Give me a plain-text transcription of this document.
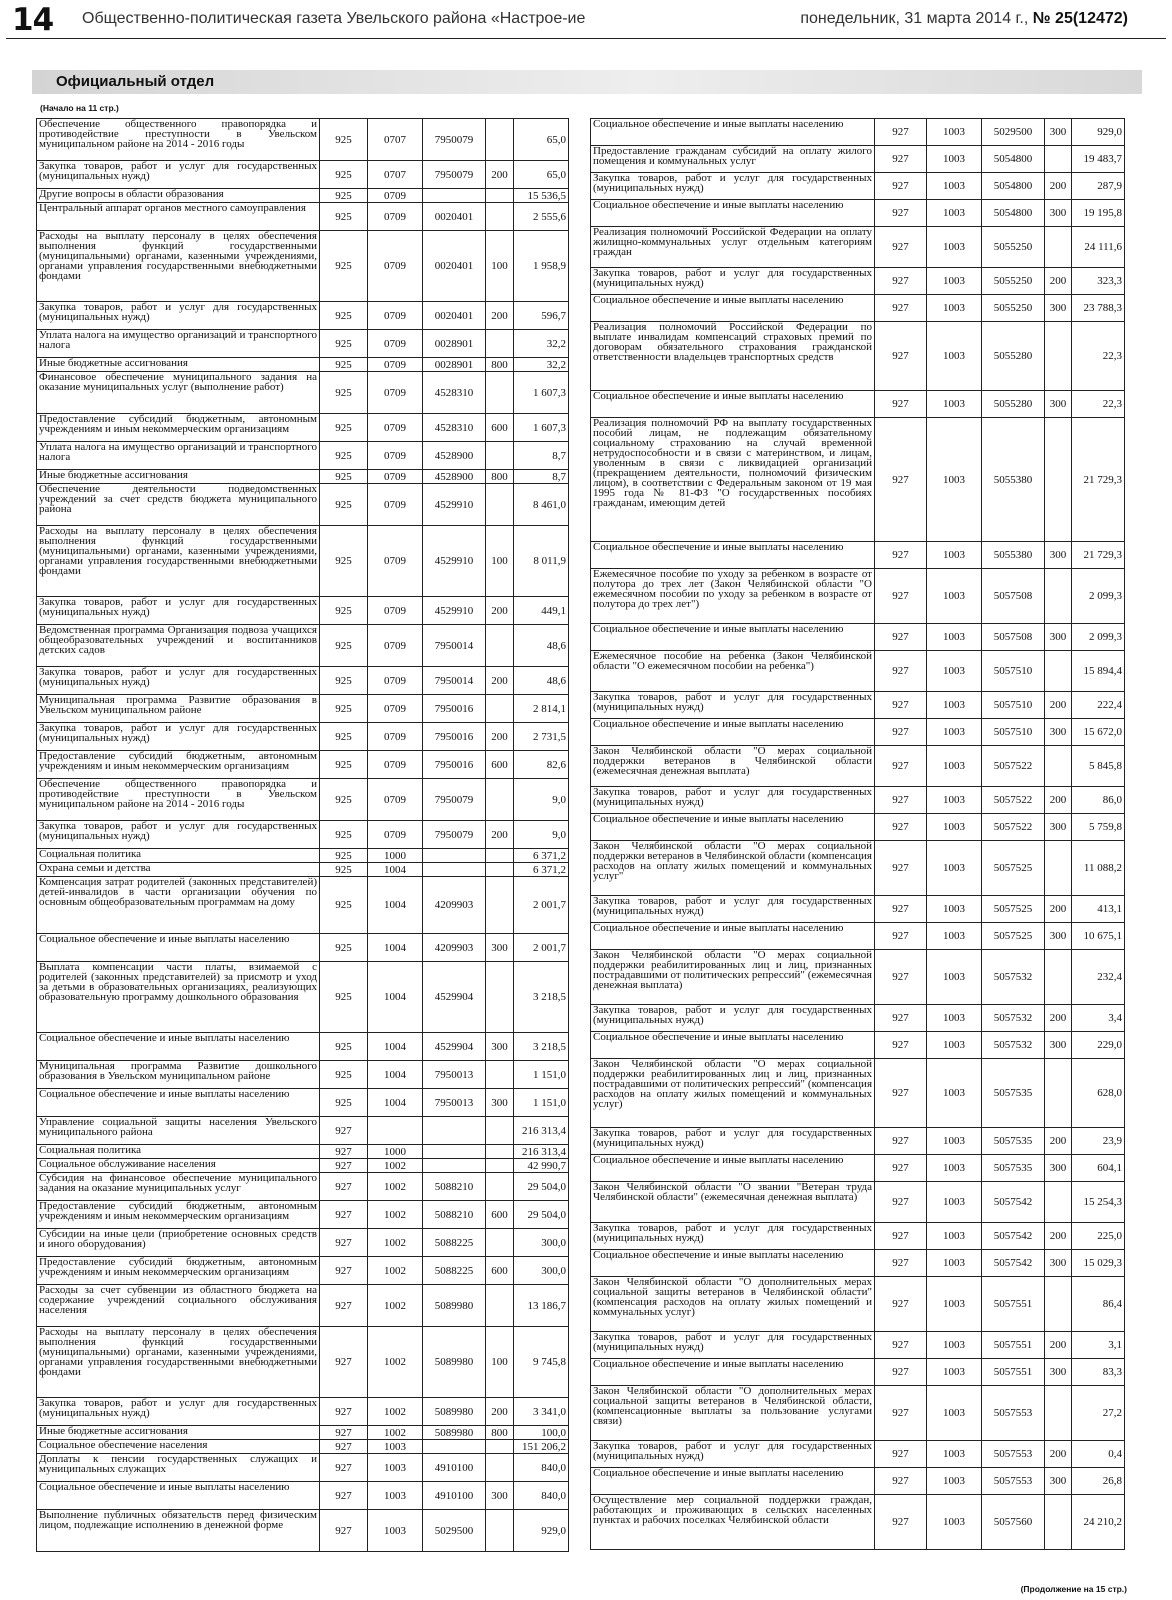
14 Общественно-политическая газета Увельского района «Настрое-ие	понедельник, 31 марта 2014 г., № 25(12472)
Официальный отдел
(Начало на 11 стр.)
Обеспечение общественного правопорядка и противодействие преступности в Увельском муниципальном районе на 2014 - 2016 годы	925	0707	7950079		65,0
Закупка товаров, работ и услуг для государственных (муниципальных нужд)	925	0707	7950079	200	65,0
Другие вопросы в области образования	925	0709			15 536,5
Центральный аппарат органов местного самоуправления	925	0709	0020401		2 555,6
Расходы на выплату персоналу в целях обеспечения выполнения функций государственными (муниципальными) органами, казенными учреждениями, органами управления государственными внебюджетными фондами	925	0709	0020401	100	1 958,9
Закупка товаров, работ и услуг для государственных (муниципальных нужд)	925	0709	0020401	200	596,7
Уплата налога на имущество организаций и транспортного налога	925	0709	0028901		32,2
Иные бюджетные ассигнования	925	0709	0028901	800	32,2
Финансовое обеспечение муниципального задания на оказание муниципальных услуг (выполнение работ)	925	0709	4528310		1 607,3
Предоставление субсидий бюджетным, автономным учреждениям и иным некоммерческим организациям	925	0709	4528310	600	1 607,3
Уплата налога на имущество организаций и транспортного налога	925	0709	4528900		8,7
Иные бюджетные ассигнования	925	0709	4528900	800	8,7
Обеспечение деятельности подведомственных учреждений за счет средств бюджета муниципального района	925	0709	4529910		8 461,0
Расходы на выплату персоналу в целях обеспечения выполнения функций государственными (муниципальными) органами, казенными учреждениями, органами управления государственными внебюджетными фондами	925	0709	4529910	100	8 011,9
Закупка товаров, работ и услуг для государственных (муниципальных нужд)	925	0709	4529910	200	449,1
Ведомственная программа Организация подвоза учащихся общеобразовательных учреждений и воспитанников детских садов	925	0709	7950014		48,6
Закупка товаров, работ и услуг для государственных (муниципальных нужд)	925	0709	7950014	200	48,6
Муниципальная программа Развитие образования в Увельском муниципальном районе	925	0709	7950016		2 814,1
Закупка товаров, работ и услуг для государственных (муниципальных нужд)	925	0709	7950016	200	2 731,5
Предоставление субсидий бюджетным, автономным учреждениям и иным некоммерческим организациям	925	0709	7950016	600	82,6
Обеспечение общественного правопорядка и противодействие преступности в Увельском муниципальном районе на 2014 - 2016 годы	925	0709	7950079		9,0
Закупка товаров, работ и услуг для государственных (муниципальных нужд)	925	0709	7950079	200	9,0
Социальная политика	925	1000			6 371,2
Охрана семьи и детства	925	1004			6 371,2
Компенсация затрат родителей (законных представителей) детей-инвалидов в части организации обучения по основным общеобразовательным программам на дому	925	1004	4209903		2 001,7
Социальное обеспечение и иные выплаты населению	925	1004	4209903	300	2 001,7
Выплата компенсации части платы, взимаемой с родителей (законных представителей) за присмотр и уход за детьми в образовательных организациях, реализующих образовательную программу дошкольного образования	925	1004	4529904		3 218,5
Социальное обеспечение и иные выплаты населению	925	1004	4529904	300	3 218,5
Муниципальная программа Развитие дошкольного образования в Увельском муниципальном районе	925	1004	7950013		1 151,0
Социальное обеспечение и иные выплаты населению	925	1004	7950013	300	1 151,0
Управление социальной защиты населения Увельского муниципального района	927				216 313,4
Социальная политика	927	1000			216 313,4
Социальное обслуживание населения	927	1002			42 990,7
Субсидия на финансовое обеспечение муниципального задания на оказание муниципальных услуг	927	1002	5088210		29 504,0
Предоставление субсидий бюджетным, автономным учреждениям и иным некоммерческим организациям	927	1002	5088210	600	29 504,0
Субсидии на иные цели (приобретение основных средств и иного оборудования)	927	1002	5088225		300,0
Предоставление субсидий бюджетным, автономным учреждениям и иным некоммерческим организациям	927	1002	5088225	600	300,0
Расходы за счет субвенции из областного бюджета на содержание учреждений социального обслуживания населения	927	1002	5089980		13 186,7
Расходы на выплату персоналу в целях обеспечения выполнения функций государственными (муниципальными) органами, казенными учреждениями, органами управления государственными внебюджетными фондами	927	1002	5089980	100	9 745,8
Закупка товаров, работ и услуг для государственных (муниципальных нужд)	927	1002	5089980	200	3 341,0
Иные бюджетные ассигнования	927	1002	5089980	800	100,0
Социальное обеспечение населения	927	1003			151 206,2
Доплаты к пенсии государственных служащих и муниципальных служащих	927	1003	4910100		840,0
Социальное обеспечение и иные выплаты населению	927	1003	4910100	300	840,0
Выполнение публичных обязательств перед физическим лицом, подлежащие исполнению в денежной форме	927	1003	5029500		929,0
Социальное обеспечение и иные выплаты населению	927	1003	5029500	300	929,0
Предоставление гражданам субсидий на оплату жилого помещения и коммунальных услуг	927	1003	5054800		19 483,7
Закупка товаров, работ и услуг для государственных (муниципальных нужд)	927	1003	5054800	200	287,9
Социальное обеспечение и иные выплаты населению	927	1003	5054800	300	19 195,8
Реализация полномочий Российской Федерации на оплату жилищно-коммунальных услуг отдельным категориям граждан	927	1003	5055250		24 111,6
Закупка товаров, работ и услуг для государственных (муниципальных нужд)	927	1003	5055250	200	323,3
Социальное обеспечение и иные выплаты населению	927	1003	5055250	300	23 788,3
Реализация полномочий Российской Федерации по выплате инвалидам компенсаций страховых премий по договорам обязательного страхования гражданской ответственности владельцев транспортных средств	927	1003	5055280		22,3
Социальное обеспечение и иные выплаты населению	927	1003	5055280	300	22,3
Реализация полномочий РФ на выплату государственных пособий лицам, не подлежащим обязательному социальному страхованию на случай временной нетрудоспособности и в связи с материнством, и лицам, уволенным в связи с ликвидацией организаций (прекращением деятельности, полномочий физическим лицом), в соответствии с Федеральным законом от 19 мая 1995 года № 81-ФЗ "О государственных пособиях гражданам, имеющим детей	927	1003	5055380		21 729,3
Социальное обеспечение и иные выплаты населению	927	1003	5055380	300	21 729,3
Ежемесячное пособие по уходу за ребенком в возрасте от полутора до трех лет (Закон Челябинской области "О ежемесячном пособии по уходу за ребенком в возрасте от полутора до трех лет")	927	1003	5057508		2 099,3
Социальное обеспечение и иные выплаты населению	927	1003	5057508	300	2 099,3
Ежемесячное пособие на ребенка (Закон Челябинской области "О ежемесячном пособии на ребенка")	927	1003	5057510		15 894,4
Закупка товаров, работ и услуг для государственных (муниципальных нужд)	927	1003	5057510	200	222,4
Социальное обеспечение и иные выплаты населению	927	1003	5057510	300	15 672,0
Закон Челябинской области "О мерах социальной поддержки ветеранов в Челябинской области (ежемесячная денежная выплата)	927	1003	5057522		5 845,8
Закупка товаров, работ и услуг для государственных (муниципальных нужд)	927	1003	5057522	200	86,0
Социальное обеспечение и иные выплаты населению	927	1003	5057522	300	5 759,8
Закон Челябинской области "О мерах социальной поддержки ветеранов в Челябинской области (компенсация расходов на оплату жилых помещений и коммунальных услуг"	927	1003	5057525		11 088,2
Закупка товаров, работ и услуг для государственных (муниципальных нужд)	927	1003	5057525	200	413,1
Социальное обеспечение и иные выплаты населению	927	1003	5057525	300	10 675,1
Закон Челябинской области "О мерах социальной поддержки реабилитированных лиц и лиц, признанных пострадавшими от политических репрессий" (ежемесячная денежная выплата)	927	1003	5057532		232,4
Закупка товаров, работ и услуг для государственных (муниципальных нужд)	927	1003	5057532	200	3,4
Социальное обеспечение и иные выплаты населению	927	1003	5057532	300	229,0
Закон Челябинской области "О мерах социальной поддержки реабилитированных лиц и лиц, признанных пострадавшими от политических репрессий" (компенсация расходов на оплату жилых помещений и коммунальных услуг)	927	1003	5057535		628,0
Закупка товаров, работ и услуг для государственных (муниципальных нужд)	927	1003	5057535	200	23,9
Социальное обеспечение и иные выплаты населению	927	1003	5057535	300	604,1
Закон Челябинской области "О звании "Ветеран труда Челябинской области" (ежемесячная денежная выплата)	927	1003	5057542		15 254,3
Закупка товаров, работ и услуг для государственных (муниципальных нужд)	927	1003	5057542	200	225,0
Социальное обеспечение и иные выплаты населению	927	1003	5057542	300	15 029,3
Закон Челябинской области "О дополнительных мерах социальной защиты ветеранов в Челябинской области" (компенсация расходов на оплату жилых помещений и коммунальных услуг)	927	1003	5057551		86,4
Закупка товаров, работ и услуг для государственных (муниципальных нужд)	927	1003	5057551	200	3,1
Социальное обеспечение и иные выплаты населению	927	1003	5057551	300	83,3
Закон Челябинской области "О дополнительных мерах социальной защиты ветеранов в Челябинской области, (компенсационные выплаты за пользование услугами связи)	927	1003	5057553		27,2
Закупка товаров, работ и услуг для государственных (муниципальных нужд)	927	1003	5057553	200	0,4
Социальное обеспечение и иные выплаты населению	927	1003	5057553	300	26,8
Осуществление мер социальной поддержки граждан, работающих и проживающих в сельских населенных пунктах и рабочих поселках Челябинской области	927	1003	5057560		24 210,2
(Продолжение на 15 стр.)
